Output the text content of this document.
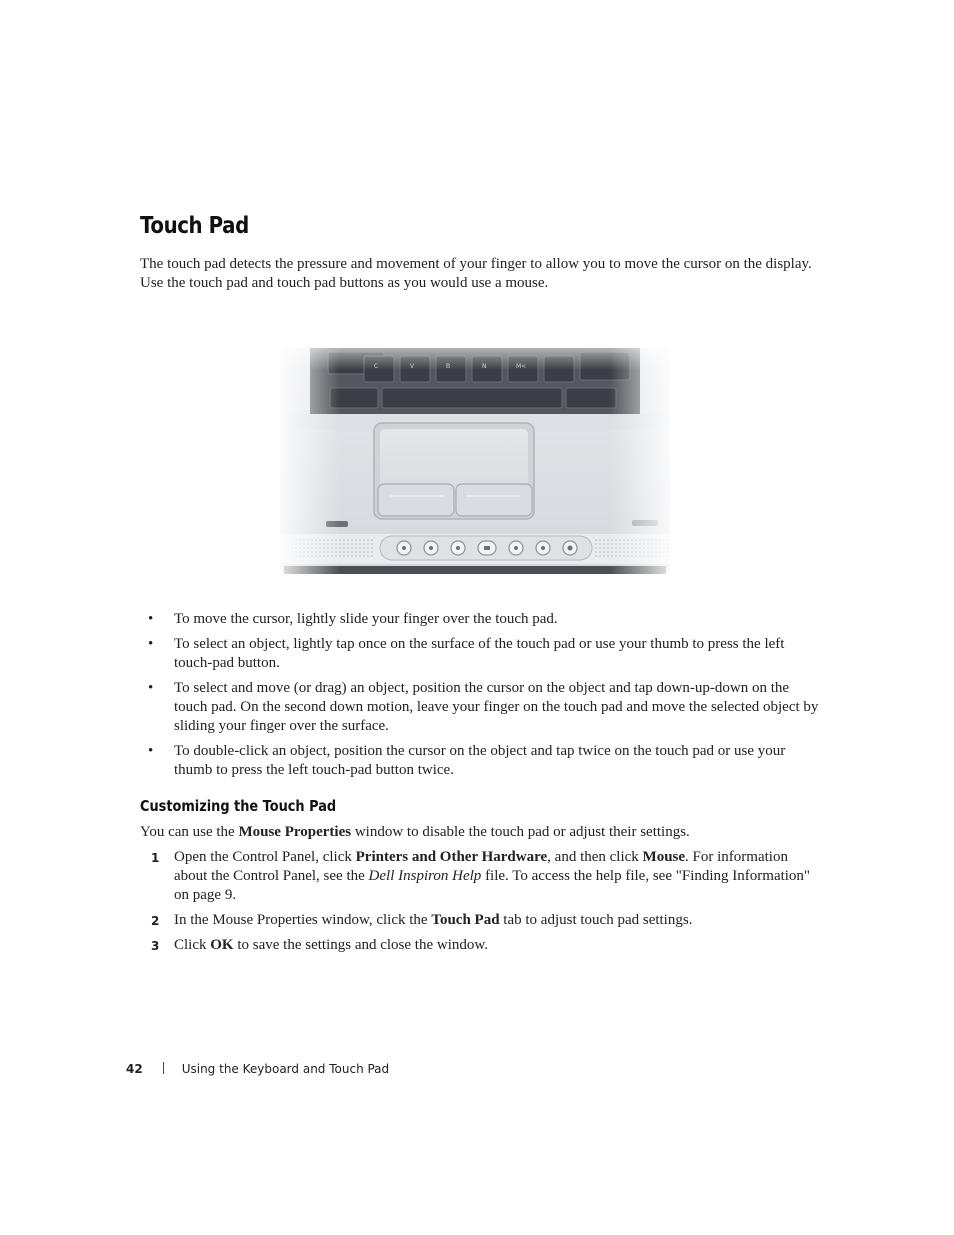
Touch Pad

The touch pad detects the pressure and movement of your finger to allow you to move the cursor on the display. Use the touch pad and touch pad buttons as you would use a mouse.

• To move the cursor, lightly slide your finger over the touch pad.
• To select an object, lightly tap once on the surface of the touch pad or use your thumb to press the left touch-pad button.
• To select and move (or drag) an object, position the cursor on the object and tap down-up-down on the touch pad. On the second down motion, leave your finger on the touch pad and move the selected object by sliding your finger over the surface.
• To double-click an object, position the cursor on the object and tap twice on the touch pad or use your thumb to press the left touch-pad button twice.
Customizing the Touch Pad

You can use the Mouse Properties window to disable the touch pad or adjust their settings.

1 Open the Control Panel, click Printers and Other Hardware, and then click Mouse. For information about the Control Panel, see the Dell Inspiron Help file. To access the help file, see "Finding Information" on page 9.
2 In the Mouse Properties window, click the Touch Pad tab to adjust touch pad settings.
3 Click OK to save the settings and close the window.
42	Using the Keyboard and Touch Pad
